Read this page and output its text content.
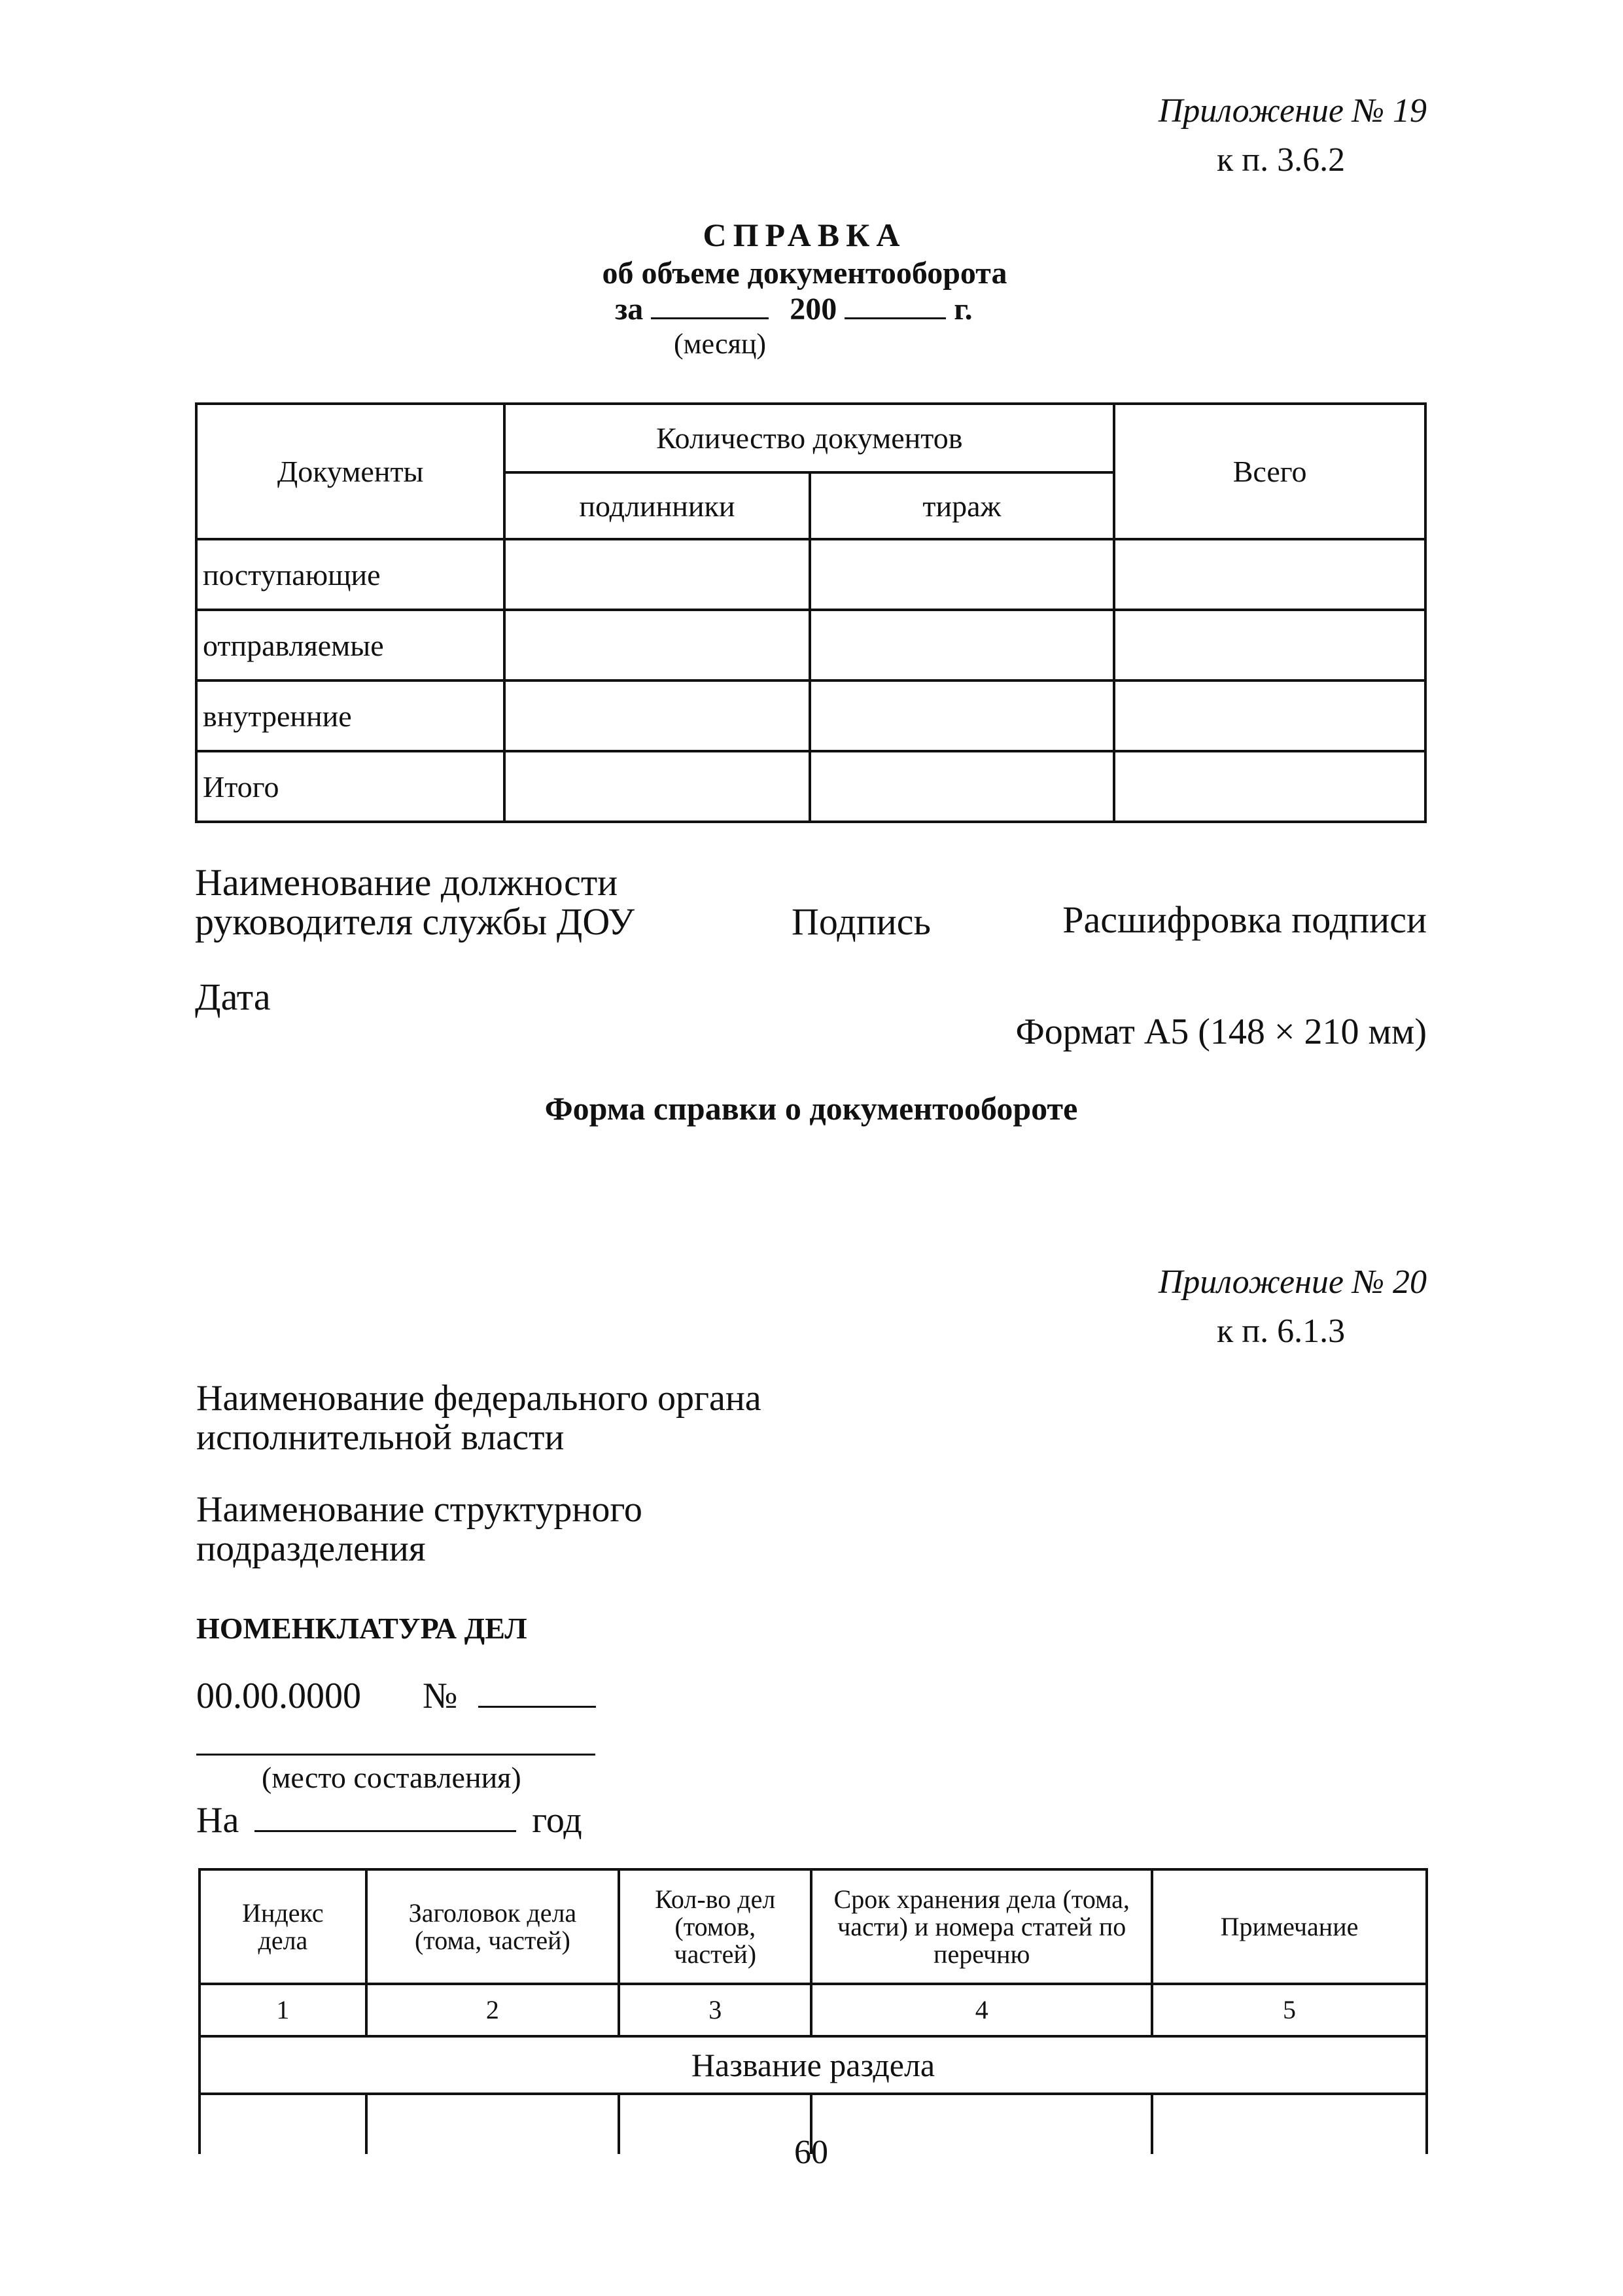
Приложение № 19
к п. 3.6.2
СПРАВКА
об объеме документооборота
за	200	г.
(месяц)
Документы	Количество документов		Всего
	подлинники	тираж	
поступающие			
отправляемые			
внутренние			
Итого			
Наименование должности
руководителя службы ДОУ	Подпись	Расшифровка подписи
Дата
Формат А5 (148 × 210 мм)
Форма справки о документообороте
Приложение № 20
к п. 6.1.3
Наименование федерального органа
исполнительной власти
Наименование структурного
подразделения
НОМЕНКЛАТУРА ДЕЛ
00.00.0000 №
(место составления)
На	год
Индекс дела	Заголовок дела (тома, частей)	Кол-во дел (томов, частей)	Срок хранения дела (тома, части) и номера статей по перечню	Примечание
1	2	3	4	5
Название раздела				

60
